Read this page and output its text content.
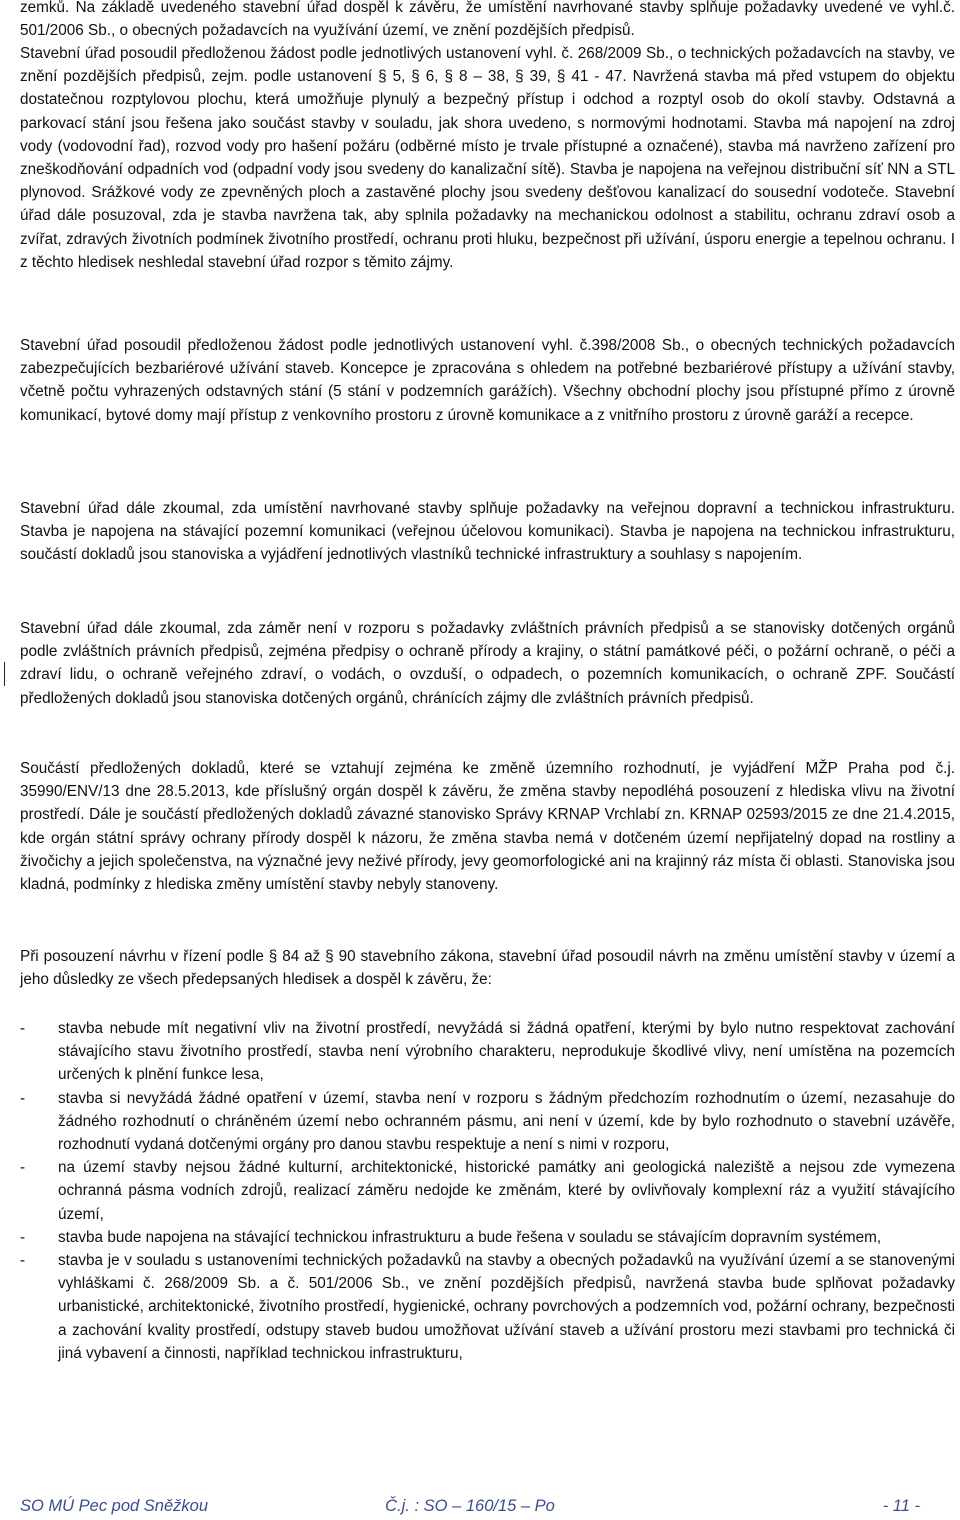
zemků. Na základě uvedeného stavební úřad dospěl k závěru, že umístění navrhované stavby splňuje požadavky uvedené ve vyhl.č. 501/2006 Sb., o obecných požadavcích na využívání území, ve znění pozdějších předpisů.

Stavební úřad posoudil předloženou žádost podle jednotlivých ustanovení vyhl. č. 268/2009 Sb., o technických požadavcích na stavby, ve znění pozdějších předpisů, zejm. podle ustanovení § 5, § 6, § 8 – 38, § 39, § 41 - 47. Navržená stavba má před vstupem do objektu dostatečnou rozptylovou plochu, která umožňuje plynulý a bezpečný přístup i odchod a rozptyl osob do okolí stavby. Odstavná a parkovací stání jsou řešena jako součást stavby v souladu, jak shora uvedeno, s normovými hodnotami. Stavba má napojení na zdroj vody (vodovodní řad), rozvod vody pro hašení požáru (odběrné místo je trvale přístupné a označené), stavba má navrženo zařízení pro zneškodňování odpadních vod (odpadní vody jsou svedeny do kanalizační sítě). Stavba je napojena na veřejnou distribuční síť NN a STL plynovod. Srážkové vody ze zpevněných ploch a zastavěné plochy jsou svedeny dešťovou kanalizací do sousední vodoteče. Stavební úřad dále posuzoval, zda je stavba navržena tak, aby splnila požadavky na mechanickou odolnost a stabilitu, ochranu zdraví osob a zvířat, zdravých životních podmínek životního prostředí, ochranu proti hluku, bezpečnost při užívání, úsporu energie a tepelnou ochranu. I z těchto hledisek neshledal stavební úřad rozpor s těmito zájmy.

Stavební úřad posoudil předloženou žádost podle jednotlivých ustanovení vyhl. č.398/2008 Sb., o obecných technických požadavcích zabezpečujících bezbariérové užívání staveb. Koncepce je zpracována s ohledem na potřebné bezbariérové přístupy a užívání stavby, včetně počtu vyhrazených odstavných stání (5 stání v podzemních garážích). Všechny obchodní plochy jsou přístupné přímo z úrovně komunikací, bytové domy mají přístup z venkovního prostoru z úrovně komunikace a z vnitřního prostoru z úrovně garáží a recepce.

Stavební úřad dále zkoumal, zda umístění navrhované stavby splňuje požadavky na veřejnou dopravní a technickou infrastrukturu. Stavba je napojena na stávající pozemní komunikaci (veřejnou účelovou komunikaci). Stavba je napojena na technickou infrastrukturu, součástí dokladů jsou stanoviska a vyjádření jednotlivých vlastníků technické infrastruktury a souhlasy s napojením.

Stavební úřad dále zkoumal, zda záměr není v rozporu s požadavky zvláštních právních předpisů a se stanovisky dotčených orgánů podle zvláštních právních předpisů, zejména předpisy o ochraně přírody a krajiny, o státní památkové péči, o požární ochraně, o péči a zdraví lidu, o ochraně veřejného zdraví, o vodách, o ovzduší, o odpadech, o pozemních komunikacích, o ochraně ZPF. Součástí předložených dokladů jsou stanoviska dotčených orgánů, chránících zájmy dle zvláštních právních předpisů.

Součástí předložených dokladů, které se vztahují zejména ke změně územního rozhodnutí, je vyjádření MŽP Praha pod č.j. 35990/ENV/13 dne 28.5.2013, kde příslušný orgán dospěl k závěru, že změna stavby nepodléhá posouzení z hlediska vlivu na životní prostředí. Dále je součástí předložených dokladů závazné stanovisko Správy KRNAP Vrchlabí zn. KRNAP 02593/2015 ze dne 21.4.2015, kde orgán státní správy ochrany přírody dospěl k názoru, že změna stavba nemá v dotčeném území nepřijatelný dopad na rostliny a živočichy a jejich společenstva, na význačné jevy neživé přírody, jevy geomorfologické ani na krajinný ráz místa či oblasti. Stanoviska jsou kladná, podmínky z hlediska změny umístění stavby nebyly stanoveny.

Při posouzení návrhu v řízení podle § 84 až § 90 stavebního zákona, stavební úřad posoudil návrh na změnu umístění stavby v území a jeho důsledky ze všech předepsaných hledisek a dospěl k závěru, že:

- stavba nebude mít negativní vliv na životní prostředí, nevyžádá si žádná opatření, kterými by bylo nutno respektovat zachování stávajícího stavu životního prostředí, stavba není výrobního charakteru, neprodukuje škodlivé vlivy, není umístěna na pozemcích určených k plnění funkce lesa,
- stavba si nevyžádá žádné opatření v území, stavba není v rozporu s žádným předchozím rozhodnutím o území, nezasahuje do žádného rozhodnutí o chráněném území nebo ochranném pásmu, ani není v území, kde by bylo rozhodnuto o stavební uzávěře, rozhodnutí vydaná dotčenými orgány pro danou stavbu respektuje a není s nimi v rozporu,
- na území stavby nejsou žádné kulturní, architektonické, historické památky ani geologická naleziště a nejsou zde vymezena ochranná pásma vodních zdrojů, realizací záměru nedojde ke změnám, které by ovlivňovaly komplexní ráz a využití stávajícího území,
- stavba bude napojena na stávající technickou infrastrukturu a bude řešena v souladu se stávajícím dopravním systémem,
- stavba je v souladu s ustanoveními technických požadavků na stavby a obecných požadavků na využívání území a se stanovenými vyhláškami č. 268/2009 Sb. a č. 501/2006 Sb., ve znění pozdějších předpisů, navržená stavba bude splňovat požadavky urbanistické, architektonické, životního prostředí, hygienické, ochrany povrchových a podzemních vod, požární ochrany, bezpečnosti a zachování kvality prostředí, odstupy staveb budou umožňovat užívání staveb a užívání prostoru mezi stavbami pro technická či jiná vybavení a činnosti, například technickou infrastrukturu,
SO MÚ Pec pod Sněžkou	Č.j. : SO – 160/15 – Po	- 11 -
